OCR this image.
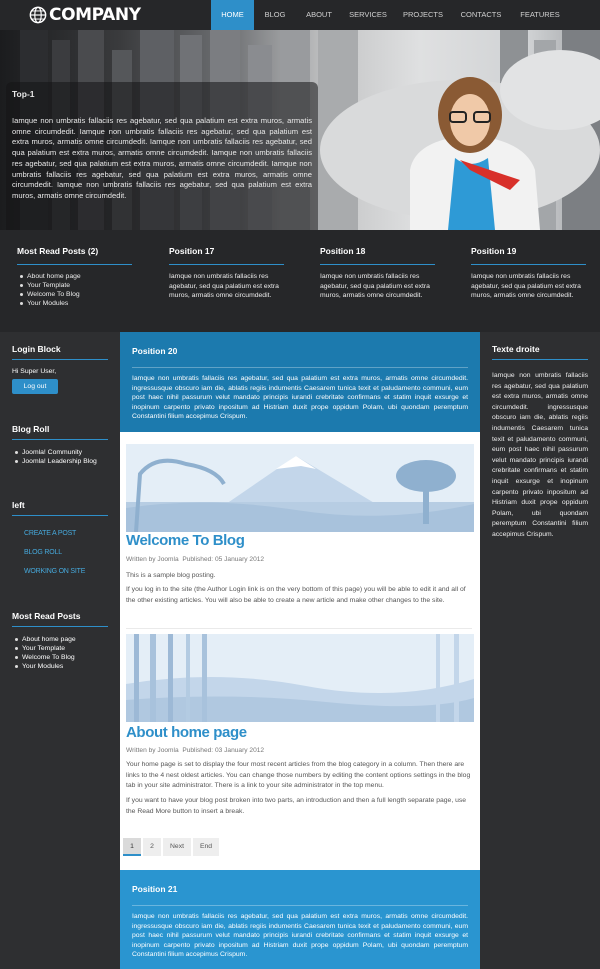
COMPANY	HOME	BLOG	ABOUT	SERVICES	PROJECTS	CONTACTS	FEATURES
Top-1
Iamque non umbratis fallaciis res agebatur, sed qua palatium est extra muros, armatis omne circumdedit. Iamque non umbratis fallaciis res agebatur, sed qua palatium est extra muros, armatis omne circumdedit. Iamque non umbratis fallaciis res agebatur, sed qua palatium est extra muros, armatis omne circumdedit. Iamque non umbratis fallaciis res agebatur, sed qua palatium est extra muros, armatis omne circumdedit. Iamque non umbratis fallaciis res agebatur, sed qua palatium est extra muros, armatis omne circumdedit. Iamque non umbratis fallaciis res agebatur, sed qua palatium est extra muros, armatis omne circumdedit.
Most Read Posts (2)
About home page
Your Template
Welcome To Blog
Your Modules
Position 17

Iamque non umbratis fallaciis res agebatur, sed qua palatium est extra muros, armatis omne circumdedit.

Position 18

Iamque non umbratis fallaciis res agebatur, sed qua palatium est extra muros, armatis omne circumdedit.

Position 19

Iamque non umbratis fallaciis res agebatur, sed qua palatium est extra muros, armatis omne circumdedit.

Login Block
Hi Super User,
Log out
Blog Roll
Joomla! Community
Joomla! Leadership Blog
left
CREATE A POST
BLOG ROLL
WORKING ON SITE
Most Read Posts
About home page
Your Template
Welcome To Blog
Your Modules
Position 20
Iamque non umbratis fallaciis res agebatur, sed qua palatium est extra muros, armatis omne circumdedit. ingressusque obscuro iam die, ablatis regiis indumentis Caesarem tunica texit et paludamento communi, eum post haec nihil passurum velut mandato principis iurandi crebritate confirmans et statim inquit exsurge et inopinum carpento privato inpositum ad Histriam duxit prope oppidum Polam, ubi quondam peremptum Constantini filium accepimus Crispum.
Welcome To Blog
Written by Joomla Published: 05 January 2012
This is a sample blog posting.
If you log in to the site (the Author Login link is on the very bottom of this page) you will be able to edit it and all of the other existing articles. You will also be able to create a new article and make other changes to the site.
About home page
Written by Joomla Published: 03 January 2012
Your home page is set to display the four most recent articles from the blog category in a column. Then there are links to the 4 nest oldest articles. You can change those numbers by editing the content options settings in the blog tab in your site administrator. There is a link to your site administrator in the top menu.
If you want to have your blog post broken into two parts, an introduction and then a full length separate page, use the Read More button to insert a break.
1	2	Next	End
Position 21
Iamque non umbratis fallaciis res agebatur, sed qua palatium est extra muros, armatis omne circumdedit. ingressusque obscuro iam die, ablatis regiis indumentis Caesarem tunica texit et paludamento communi, eum post haec nihil passurum velut mandato principis iurandi crebritate confirmans et statim inquit exsurge et inopinum carpento privato inpositum ad Histriam duxit prope oppidum Polam, ubi quondam peremptum Constantini filium accepimus Crispum.
Texte droite
Iamque non umbratis fallaciis res agebatur, sed qua palatium est extra muros, armatis omne circumdedit. ingressusque obscuro iam die, ablatis regiis indumentis Caesarem tunica texit et paludamento communi, eum post haec nihil passurum velut mandato principis iurandi crebritate confirmans et statim inquit exsurge et inopinum carpento privato inpositum ad Histriam duxit prope oppidum Polam, ubi quondam peremptum Constantini filium accepimus Crispum.
